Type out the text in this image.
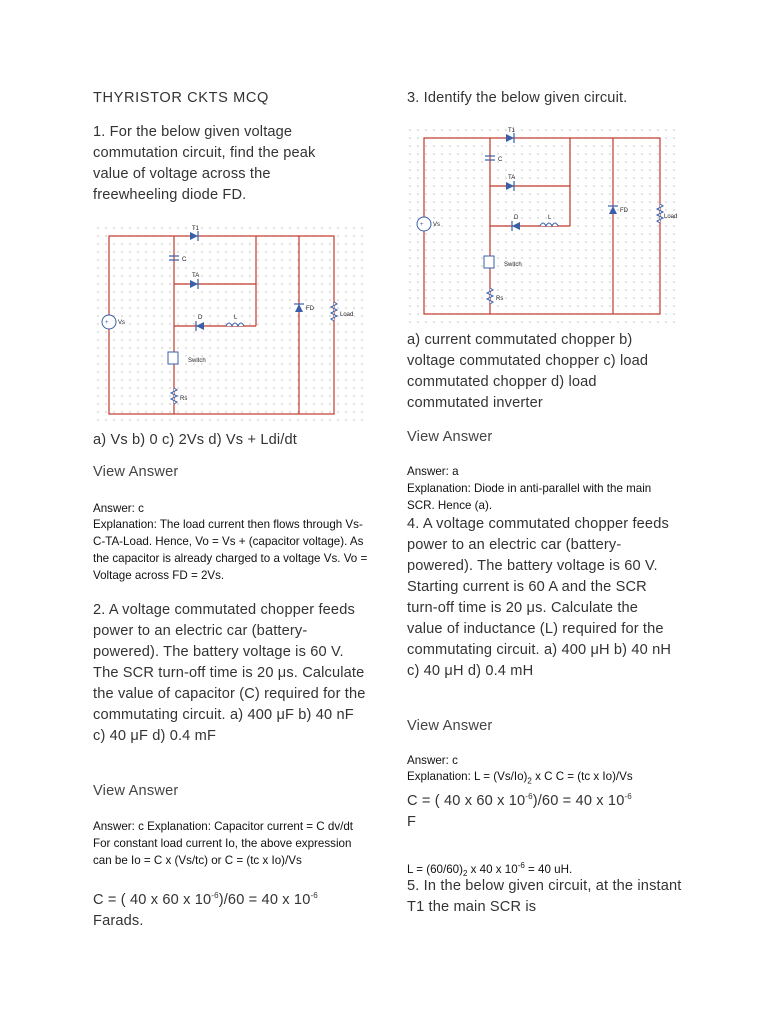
THYRISTOR CKTS MCQ
1. For the below given voltage commutation circuit, find the peak value of voltage across the freewheeling diode FD.
+ Vs
T1
C
TA
D	L
Switch
Rs
FD
Load
a) Vs b) 0 c) 2Vs d) Vs + Ldi/dt
View Answer
Answer: c
Explanation: The load current then flows through Vs-C-TA-Load. Hence, Vo = Vs + (capacitor voltage). As the capacitor is already charged to a voltage Vs. Vo = Voltage across FD = 2Vs.
2. A voltage commutated chopper feeds power to an electric car (battery-powered). The battery voltage is 60 V. The SCR turn-off time is 20 μs. Calculate the value of capacitor (C) required for the commutating circuit. a) 400 μF b) 40 nF c) 40 μF d) 0.4 mF
View Answer
Answer: c Explanation: Capacitor current = C dv/dt For constant load current Io, the above expression can be Io = C x (Vs/tc) or C = (tc x Io)/Vs
C = ( 40 x 60 x $10^{-6})/60 = 40$ x $10^{-6}$
Farads.
3. Identify the below given circuit.
+ Vs
T1
C
TA
D	L
Switch
Rs
FD
Load
a) current commutated chopper b) voltage commutated chopper c) load commutated chopper d) load commutated inverter
View Answer
Answer: a
Explanation: Diode in anti-parallel with the main SCR. Hence (a).
4. A voltage commutated chopper feeds power to an electric car (battery-powered). The battery voltage is 60 V. Starting current is 60 A and the SCR turn-off time is 20 μs. Calculate the value of inductance (L) required for the commutating circuit. a) 400 μH b) 40 nH c) 40 μH d) 0.4 mH
View Answer
Answer: c
Explanation: $L = (Vs/Io)_2$ x C C = (tc x Io)/Vs
C = ( 40 x 60 x $10^{-6})/60 = 40$ x $10^{-6}$
F
$L = (60/60)_2$ x 40 x $10^{-6} = 40$ uH.
5. In the below given circuit, at the instant T1 the main SCR is
